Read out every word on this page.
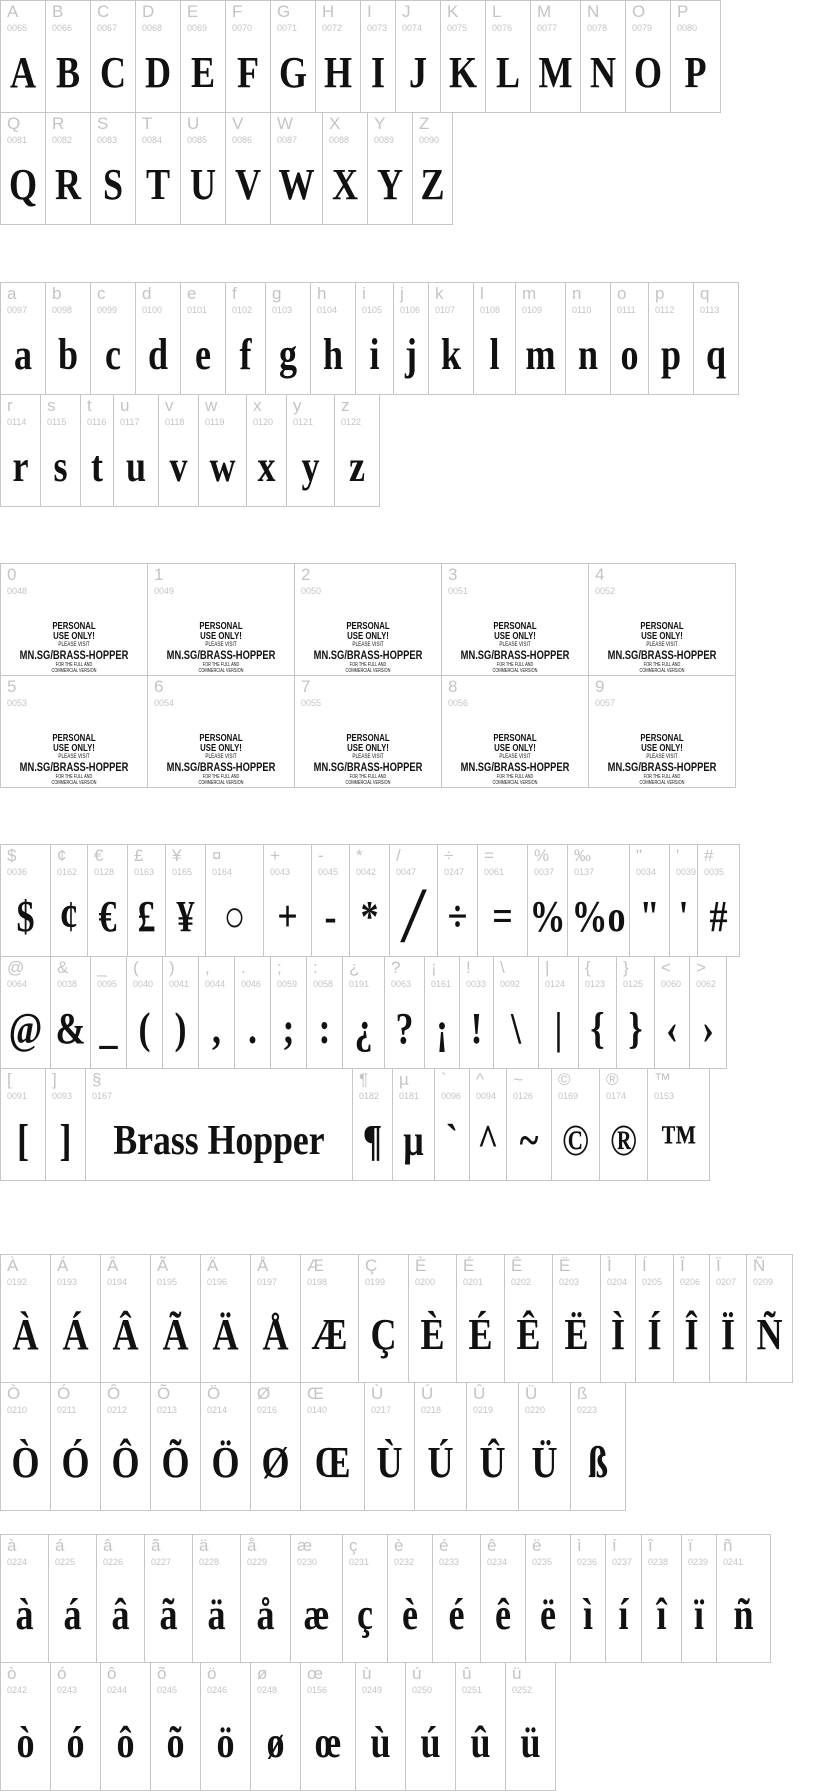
A
0065
A
B
0066
B
C
0067
C
D
0068
D
E
0069
E
F
0070
F
G
0071
G
H
0072
H
I
0073
I
J
0074
J
K
0075
K
L
0076
L
M
0077
M
N
0078
N
O
0079
O
P
0080
P
Q
0081
Q
R
0082
R
S
0083
S
T
0084
T
U
0085
U
V
0086
V
W
0087
W
X
0088
X
Y
0089
Y
Z
0090
Z
a
0097
a
b
0098
b
c
0099
c
d
0100
d
e
0101
e
f
0102
f
g
0103
g
h
0104
h
i
0105
i
j
0106
j
k
0107
k
l
0108
l
m
0109
m
n
0110
n
o
0111
o
p
0112
p
q
0113
q
r
0114
r
s
0115
s
t
0116
t
u
0117
u
v
0118
v
w
0119
w
x
0120
x
y
0121
y
z
0122
z
0
0048
PERSONAL
USE ONLY!
PLEASE VISIT
MN.SG/BRASS-HOPPER
FOR THE FULL AND
COMMERCIAL VERSION
1
0049
PERSONAL
USE ONLY!
PLEASE VISIT
MN.SG/BRASS-HOPPER
FOR THE FULL AND
COMMERCIAL VERSION
2
0050
PERSONAL
USE ONLY!
PLEASE VISIT
MN.SG/BRASS-HOPPER
FOR THE FULL AND
COMMERCIAL VERSION
3
0051
PERSONAL
USE ONLY!
PLEASE VISIT
MN.SG/BRASS-HOPPER
FOR THE FULL AND
COMMERCIAL VERSION
4
0052
PERSONAL
USE ONLY!
PLEASE VISIT
MN.SG/BRASS-HOPPER
FOR THE FULL AND
COMMERCIAL VERSION
5
0053
PERSONAL
USE ONLY!
PLEASE VISIT
MN.SG/BRASS-HOPPER
FOR THE FULL AND
COMMERCIAL VERSION
6
0054
PERSONAL
USE ONLY!
PLEASE VISIT
MN.SG/BRASS-HOPPER
FOR THE FULL AND
COMMERCIAL VERSION
7
0055
PERSONAL
USE ONLY!
PLEASE VISIT
MN.SG/BRASS-HOPPER
FOR THE FULL AND
COMMERCIAL VERSION
8
0056
PERSONAL
USE ONLY!
PLEASE VISIT
MN.SG/BRASS-HOPPER
FOR THE FULL AND
COMMERCIAL VERSION
9
0057
PERSONAL
USE ONLY!
PLEASE VISIT
MN.SG/BRASS-HOPPER
FOR THE FULL AND
COMMERCIAL VERSION
$
0036
$
¢
0162
¢
€
0128
€
£
0163
£
¥
0165
¥
¤
0164
○
+
0043
+
-
0045
-
*
0042
*
/
0047
╱
÷
0247
÷
=
0061
=
%
0037
%
‰
0137
%o
"
0034
"
'
0039
'
#
0035
#
@
0064
@
&
0038
&
_
0095
_
(
0040
(
)
0041
)
,
0044
,
.
0046
.
;
0059
;
:
0058
:
¿
0191
¿
?
0063
?
¡
0161
¡
!
0033
!
\
0092
\
|
0124
|
{
0123
{
}
0125
}
<
0060
‹
>
0062
›
[
0091
[
]
0093
]
§
0167
Brass Hopper
¶
0182
¶
µ
0181
µ
`
0096
`
^
0094
^
~
0126
~
©
0169
©
®
0174
®
™
0153
™
À
0192
À
Á
0193
Á
Â
0194
Â
Ã
0195
Ã
Ä
0196
Ä
Å
0197
Å
Æ
0198
Æ
Ç
0199
Ç
È
0200
È
É
0201
É
Ê
0202
Ê
Ë
0203
Ë
Ì
0204
Ì
Í
0205
Í
Î
0206
Î
Ï
0207
Ï
Ñ
0209
Ñ
Ò
0210
Ò
Ó
0211
Ó
Ô
0212
Ô
Õ
0213
Õ
Ö
0214
Ö
Ø
0216
Ø
Œ
0140
Œ
Ù
0217
Ù
Ú
0218
Ú
Û
0219
Û
Ü
0220
Ü
ß
0223
ß
à
0224
à
á
0225
á
â
0226
â
ã
0227
ã
ä
0228
ä
å
0229
å
æ
0230
æ
ç
0231
ç
è
0232
è
é
0233
é
ê
0234
ê
ë
0235
ë
ì
0236
ì
í
0237
í
î
0238
î
ï
0239
ï
ñ
0241
ñ
ò
0242
ò
ó
0243
ó
ô
0244
ô
õ
0245
õ
ö
0246
ö
ø
0248
ø
œ
0156
œ
ù
0249
ù
ú
0250
ú
û
0251
û
ü
0252
ü
